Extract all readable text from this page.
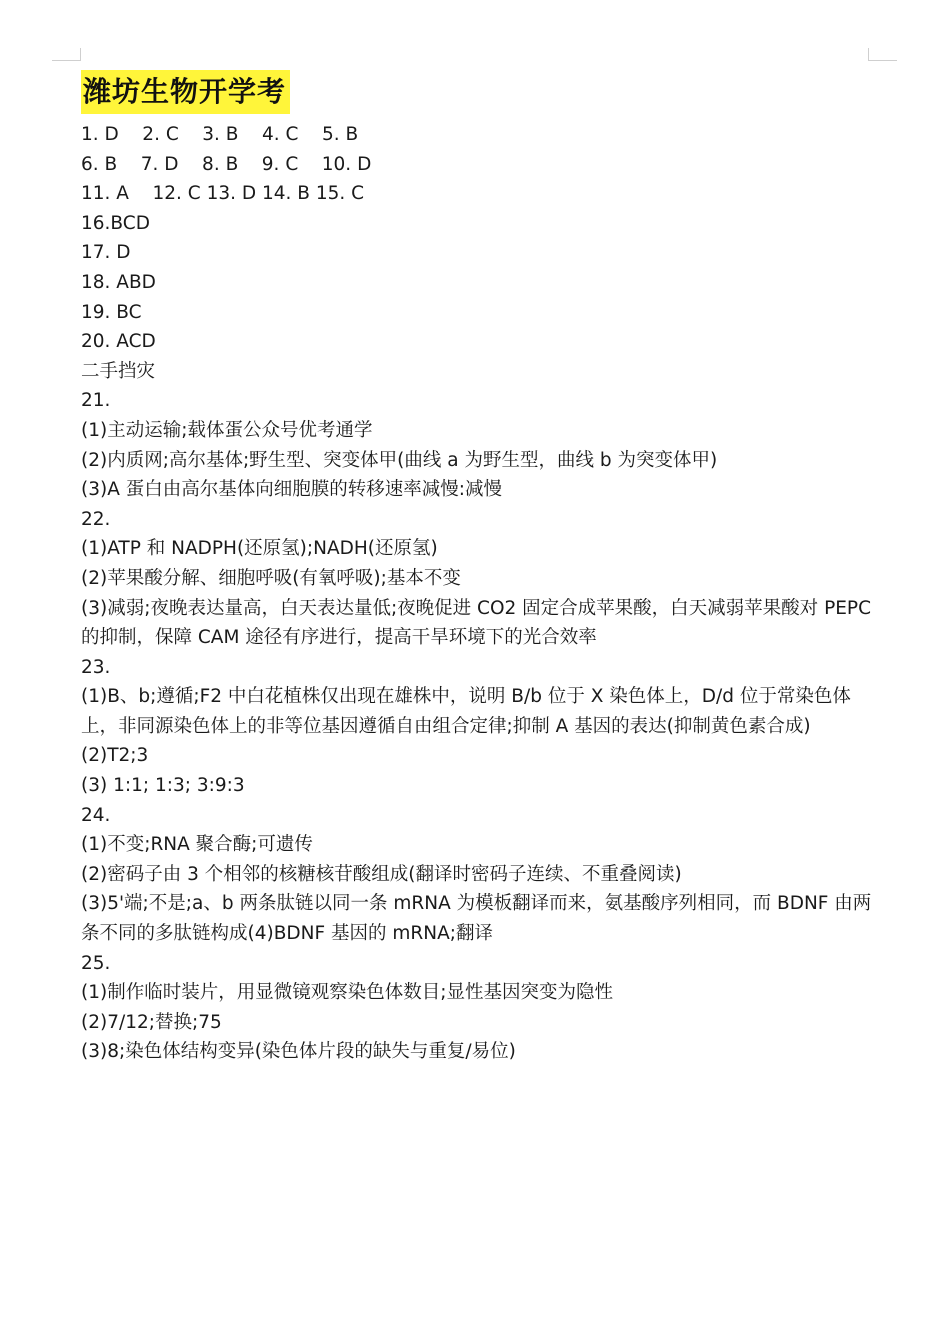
潍坊生物开学考
1. D    2. C    3. B    4. C    5. B
6. B    7. D    8. B    9. C    10. D
11. A    12. C 13. D 14. B 15. C
16.BCD
17. D
18. ABD
19. BC
20. ACD
二手挡灾
21.
(1)主动运输;载体蛋公众号优考通学
(2)内质网;高尔基体;野生型、突变体甲(曲线 a 为野生型，曲线 b 为突变体甲)
(3)A 蛋白由高尔基体向细胞膜的转移速率减慢:减慢
22.
(1)ATP 和 NADPH(还原氢);NADH(还原氢)
(2)苹果酸分解、细胞呼吸(有氧呼吸);基本不变
(3)减弱;夜晚表达量高，白天表达量低;夜晚促进 CO2 固定合成苹果酸，白天减弱苹果酸对 PEPC 的抑制，保障 CAM 途径有序进行，提高干旱环境下的光合效率
23.
(1)B、b;遵循;F2 中白花植株仅出现在雄株中，说明 B/b 位于 X 染色体上，D/d 位于常染色体上，非同源染色体上的非等位基因遵循自由组合定律;抑制 A 基因的表达(抑制黄色素合成)
(2)T2;3
(3) 1:1; 1:3; 3:9:3
24.
(1)不变;RNA 聚合酶;可遗传
(2)密码子由 3 个相邻的核糖核苷酸组成(翻译时密码子连续、不重叠阅读)
(3)5'端;不是;a、b 两条肽链以同一条 mRNA 为模板翻译而来，氨基酸序列相同，而 BDNF 由两条不同的多肽链构成(4)BDNF 基因的 mRNA;翻译
25.
(1)制作临时装片，用显微镜观察染色体数目;显性基因突变为隐性
(2)7/12;替换;75
(3)8;染色体结构变异(染色体片段的缺失与重复/易位)
